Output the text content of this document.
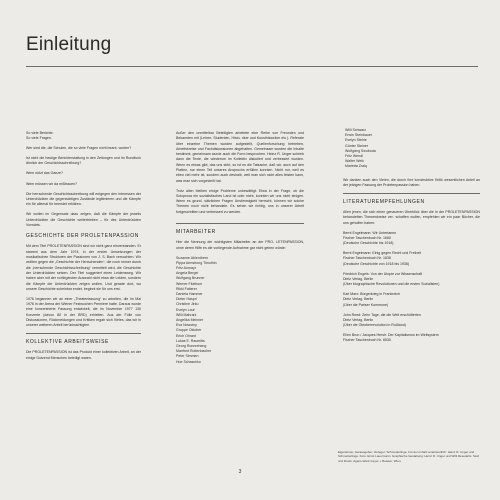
Einleitung

So viele Berichte.
So viele Fragen.

Wer sind die, die Schulen, die so viele Fragen nicht beant- worten?

Ist nicht die heutige Berichterstattung in den Zeitungen und im Rundfunk ähnlich der Geschichtsschreibung?

Wem nützt das Ganze?

Wem müssen wir da mißtrauen?

Die herrschende Geschichtsschreibung will entgegen den Interessen der Unterdrückten die gegenwärtigen Zustände legitimieren und die Kämpfe ein für allemal für beendet erklären.

Wir wollen im Gegensatz dazu zeigen, daß die Kämpfe der jeweils Unterdrückten die Geschichte weitertrieben – für des Unterdrückten Vorwärts.

GESCHICHTE DER PROLETENPASSION

Mit dem Titel PROLETENPASSION sind wir nicht ganz einverstanden. Er stammt aus dem Jahr 1974, in der ersten Umsetzungen der musikalischen Strukturen der Passionen von J. S. Bach versuchten. Wir wollten gegen die „Geschichte der Herrschenden“, die noch immer durch die „herrschende Geschichtsschreibung“ vermittelt wird, die Geschichte der Unterdrückten setzen. Der Titel suggeriert einen Leidensweg. Wir haben aber mit der vorliegenden Auswahl nicht etwa die Leiden, sondern die Kämpfe der Unterdrückten zeigen wollen. Und gerade dort, wo unsere Geschichte scheinbar endet, beginnt sie für uns erst.

1976 begannen wir an einer „Theaterfassung“ zu arbeiten, die im Mai 1976 in der Arena der Wiener Festwochen Premiere hatte. Daraus wurde eine konzentrierte Fassung entwickelt, die im November 1977 130 Konzerte (davon 80 in der BRD) erhielten. Aus der Fülle von Diskussionen, Rückmeldungen und Kritiken ergab sich Vieles, das wir in unserer weiteren Arbeit berücksichtigten.

KOLLEKTIVE ARBEITSWEISE

Die PROLETENPASSION ist das Produkt einer kollektiven Arbeit, an der einige Dutzend Menschen beteiligt waren.

Außer den unmittelbar Beteiligten arbeitete eine Reihe von Freunden und Bekannten mit (Lehrer, Studenten, Histo- riker und Kunsthistoriker etc.). Referate über einzelne Themen wurden aufgestellt, Quellenforschung betrieben, Arbeitskreise und Fachdiskussionen abgehalten. Gemeinsam wurden die Inhalte bestimmt, gemeinsam wurde auch die Form besprochen. Heinz R. Unger schrieb dann die Texte, die wiederum im Kollektiv diskutiert und verbessert wurden. Wenn es etwas gibt, das uns stört, so ist es die Tatsache, daß wir, auch auf den Platten, nur einen Teil unseres Anspruchs erfüllen konnten. Nicht nur, weil es eben viel mehr ist, sondern auch deshalb, weil man sich nicht alles leisten kann, was man sich vorgestellt hat.

Trotz allen bleiben einige Probleme unbewältigt: Etwa in der Frage, ob die Soloprosa ein sozialistisches Land ist oder nicht, konnten wir uns nicht einigen. Wenn es grund- sätzlichen Fragen Unstimmigkeit herrscht, können wir solche Themen noch nicht behandeln. Es sehen wir richtig, uns in unserer Arbeit fortgeschritten und verbessert zu werden.

MITARBEITER

Hier die Nennung der wichtigsten Mitarbeiter an der PRO- LETENPASSION, ohne deren Hilfe es die vorliegende Aufnahme gar nicht geben würde:

Suzanne Ablenthern
Pippa Armstrong Timothin
Fritz Aumayr
Angela Bergei
Wolfgang Brunner
Werner Fitzthum
Rikki Falterer
Daniela Hammer
Dieter Hasprl
Christine Jirku
Evelyn Lauf
Willi Mahrani
Angelika Meixner
Eva Nowotny
Gruppe Oktober
Erich Ohrant
Lukas E. Raumitts
Georg Ronnreheng
Manfred Rottenbacher
Peter Simmen
Hue Schaschko
Willi Schwarz
Erwin Steinbauer
Evelyn Stehle
Günter Steiner
Wolfgang Swoboda
Fritz Wendl
Walter Weik
Marietta Zraiq

Wir danken auch den Vielen, die durch ihre konstruktive Kritik wesentlichen Anteil an der jetzigen Fassung der Proletenpassion haben.

LITERATUREMPFEHLUNGEN

Allen jenen, die sich einen genaueren Überblick über die in der PROLETENPASSION behandelten Themenkreise ver- schaffen wollen, empfehlen wir ein paar Bücher, die uns geholfen haben:

Bernt Engelmann: Wir Untertanen
Fischer Taschenbuch Nr. 1680
(Deutsche Geschichte bis 1918)

Bernt Engelmann: Einig gegen Recht und Freiheit
Fischer Taschenbuch Nr. 1838
(Deutsche Geschichte von 1918 bis 1938)

Friedrich Engels: Von der Utopie zur Wissenschaft
Dietz Verlag, Berlin
(Über biographische Revolutionen und die ersten Sozialisten)

Karl Marx: Bürgerkrieg in Frankreich
Dietz Verlag, Berlin
(Über die Pariser Kommune)

John Reed: Zehn Tage, die die Welt erschütterten
Dietz Verlag, Berlin
(Über die Oktoberrevolution in Rußland)

Ellen Brun / Jacques Hersh: Der Kapitalismus im Weltsystem
Fischer Taschenbuch Nr. 6530

Eigentümer, Herausgeber, Verleger: Schmetterlinge. Für den Inhalt verantwortlich: Heinz R. Unger und Schmetterlinge. Foto: Ernst Lauermann. Graphische Gestaltung: Heinz R. Unger und Willi Resetarits. Satz und Druck: Agens-Werk Geyer + Reisser, Wien.
3
